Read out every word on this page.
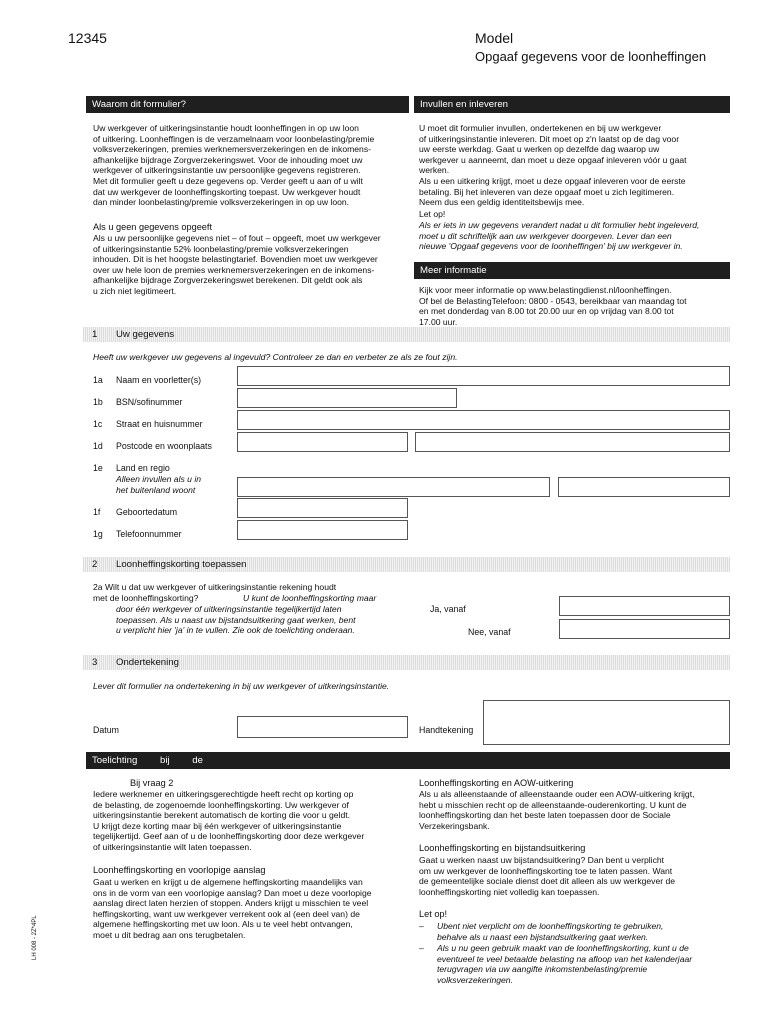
12345	Model
Opgaaf gegevens voor de loonheffingen
Waarom dit formulier?
Uw werkgever of uitkeringsinstantie houdt loonheffingen in op uw loon
of uitkering. Loonheffingen is de verzamelnaam voor loonbelasting/premie
volksverzekeringen, premies werknemersverzekeringen en de inkomens-
afhankelijke bijdrage Zorgverzekeringswet. Voor de inhouding moet uw
werkgever of uitkeringsinstantie uw persoonlijke gegevens registreren.
Met dit formulier geeft u deze gegevens op. Verder geeft u aan of u wilt
dat uw werkgever de loonheffingskorting toepast. Uw werkgever houdt
dan minder loonbelasting/premie volksverzekeringen in op uw loon.
Als u geen gegevens opgeeft
Als u uw persoonlijke gegevens niet – of fout – opgeeft, moet uw werkgever
of uitkeringsinstantie 52% loonbelasting/premie volksverzekeringen
inhouden. Dit is het hoogste belastingtarief. Bovendien moet uw werkgever
over uw hele loon de premies werknemersverzekeringen en de inkomens-
afhankelijke bijdrage Zorgverzekeringswet berekenen. Dit geldt ook als
u zich niet legitimeert.
Invullen en inleveren
U moet dit formulier invullen, ondertekenen en bij uw werkgever
of uitkeringsinstantie inleveren. Dit moet op z'n laatst op de dag voor
uw eerste werkdag. Gaat u werken op dezelfde dag waarop uw
werkgever u aanneemt, dan moet u deze opgaaf inleveren vóór u gaat
werken.
Als u een uitkering krijgt, moet u deze opgaaf inleveren voor de eerste
betaling. Bij het inleveren van deze opgaaf moet u zich legitimeren.
Neem dus een geldig identiteitsbewijs mee.
Let op!
Als er iets in uw gegevens verandert nadat u dit formulier hebt ingeleverd,
moet u dit schriftelijk aan uw werkgever doorgeven. Lever dan een
nieuwe 'Opgaaf gegevens voor de loonheffingen' bij uw werkgever in.
Meer informatie
Kijk voor meer informatie op www.belastingdienst.nl/loonheffingen.
Of bel de BelastingTelefoon: 0800 - 0543, bereikbaar van maandag tot
en met donderdag van 8.00 tot 20.00 uur en op vrijdag van 8.00 tot
17.00 uur.
1 Uw gegevens
Heeft uw werkgever uw gegevens al ingevuld? Controleer ze dan en verbeter ze als ze fout zijn.
1a Naam en voorletter(s)
1b BSN/sofinummer
1c Straat en huisnummer
1d Postcode en woonplaats
1e Land en regio
Alleen invullen als u in
het buitenland woont
1f Geboortedatum
1g Telefoonnummer
2 Loonheffingskorting toepassen
2a Wilt u dat uw werkgever of uitkeringsinstantie rekening houdt
met de loonheffingskorting?	U kunt de loonheffingskorting maar
door één werkgever of uitkeringsinstantie tegelijkertijd laten
toepassen. Als u naast uw bijstandsuitkering gaat werken, bent
u verplicht hier 'ja' in te vullen. Zie ook de toelichting onderaan.
Ja, vanaf
Nee, vanaf
3 Ondertekening
Lever dit formulier na ondertekening in bij uw werkgever of uitkeringsinstantie.
Datum	Handtekening
Toelichting bij de
Bij vraag 2
Iedere werknemer en uitkeringsgerechtigde heeft recht op korting op
de belasting, de zogenoemde loonheffingskorting. Uw werkgever of
uitkeringsinstantie berekent automatisch de korting die voor u geldt.
U krijgt deze korting maar bij één werkgever of uitkeringsinstantie
tegelijkertijd. Geef aan of u de loonheffingskorting door deze werkgever
of uitkeringsinstantie wilt laten toepassen.
Loonheffingskorting en voorlopige aanslag
Gaat u werken en krijgt u de algemene heffingskorting maandelijks van
ons in de vorm van een voorlopige aanslag? Dan moet u deze voorlopige
aanslag direct laten herzien of stoppen. Anders krijgt u misschien te veel
heffingskorting, want uw werkgever verrekent ook al (een deel van) de
algemene heffingskorting met uw loon. Als u te veel hebt ontvangen,
moet u dit bedrag aan ons terugbetalen.
Loonheffingskorting en AOW-uitkering
Als u als alleenstaande of alleenstaande ouder een AOW-uitkering krijgt,
hebt u misschien recht op de alleenstaande-ouderenkorting. U kunt de
loonheffingskorting dan het beste laten toepassen door de Sociale
Verzekeringsbank.
Loonheffingskorting en bijstandsuitkering
Gaat u werken naast uw bijstandsuitkering? Dan bent u verplicht
om uw werkgever de loonheffingskorting toe te laten passen. Want
de gemeentelijke sociale dienst doet dit alleen als uw werkgever de
loonheffingskorting niet volledig kan toepassen.
Let op!
– Ubent niet verplicht om de loonheffingskorting te gebruiken,
behalve als u naast een bijstandsuitkering gaat werken.
– Als u nu geen gebruik maakt van de loonheffingskorting, kunt u de
eventueel te veel betaalde belasting na afloop van het kalenderjaar
terugvragen via uw aangifte inkomstenbelasting/premie
volksverzekeringen.
LH 008 - 2Z*4PL
